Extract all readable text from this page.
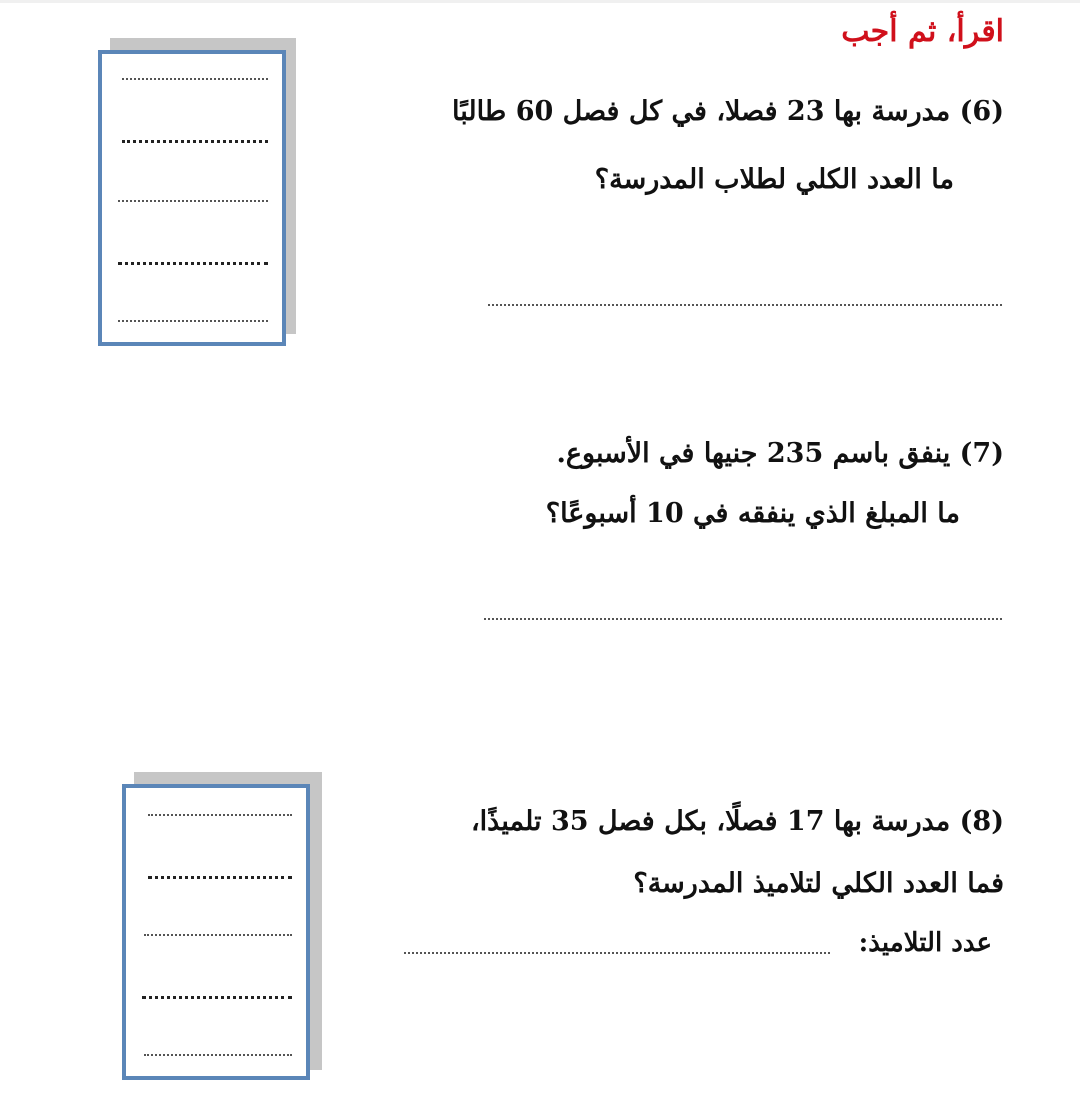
اقرأ، ثم أجب
(6) مدرسة بها 23 فصلا، في كل فصل 60 طالبًا
ما العدد الكلي لطلاب المدرسة؟
(7) ينفق باسم 235 جنيها في الأسبوع.
ما المبلغ الذي ينفقه في 10 أسبوعًا؟
(8) مدرسة بها 17 فصلًا، بكل فصل 35 تلميذًا،
فما العدد الكلي لتلاميذ المدرسة؟
عدد التلاميذ:
